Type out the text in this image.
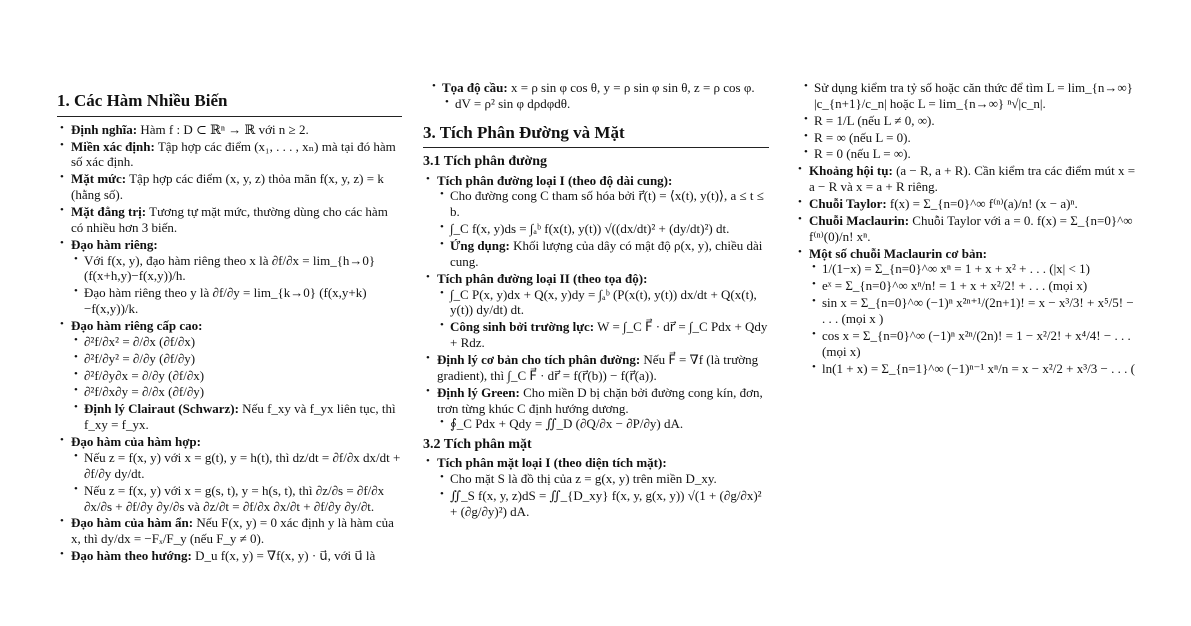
1. Các Hàm Nhiều Biến
• Định nghĩa: Hàm f : D ⊂ ℝⁿ → ℝ với n ≥ 2.
• Miền xác định: Tập hợp các điểm (x₁, . . . , xₙ) mà tại đó hàm số xác định.
• Mặt mức: Tập hợp các điểm (x, y, z) thỏa mãn f(x, y, z) = k (hằng số).
• Mặt đẳng trị: Tương tự mặt mức, thường dùng cho các hàm có nhiều hơn 3 biến.
• Đạo hàm riêng:
• Với f(x, y), đạo hàm riêng theo x là ∂f/∂x = lim_{h→0} (f(x+h,y)−f(x,y))/h.
• Đạo hàm riêng theo y là ∂f/∂y = lim_{k→0} (f(x,y+k)−f(x,y))/k.
• Đạo hàm riêng cấp cao:
• ∂²f/∂x² = ∂/∂x (∂f/∂x)
• ∂²f/∂y² = ∂/∂y (∂f/∂y)
• ∂²f/∂y∂x = ∂/∂y (∂f/∂x)
• ∂²f/∂x∂y = ∂/∂x (∂f/∂y)
• Định lý Clairaut (Schwarz): Nếu f_xy và f_yx liên tục, thì f_xy = f_yx.
• Đạo hàm của hàm hợp:
• Nếu z = f(x, y) với x = g(t), y = h(t), thì dz/dt = ∂f/∂x dx/dt + ∂f/∂y dy/dt.
• Nếu z = f(x, y) với x = g(s, t), y = h(s, t), thì ∂z/∂s = ∂f/∂x ∂x/∂s + ∂f/∂y ∂y/∂s và ∂z/∂t = ∂f/∂x ∂x/∂t + ∂f/∂y ∂y/∂t.
• Đạo hàm của hàm ẩn: Nếu F(x, y) = 0 xác định y là hàm của x, thì dy/dx = −Fₓ/F_y (nếu F_y ≠ 0).
• Đạo hàm theo hướng: D_u f(x, y) = ∇f(x, y) · u⃗, với u⃗ là
• Tọa độ cầu: x = ρ sin φ cos θ, y = ρ sin φ sin θ, z = ρ cos φ.
• dV = ρ² sin φ dρdφdθ.
3. Tích Phân Đường và Mặt
3.1 Tích phân đường
• Tích phân đường loại I (theo độ dài cung):
• Cho đường cong C tham số hóa bởi r⃗(t) = ⟨x(t), y(t)⟩, a ≤ t ≤ b.
• ∫_C f(x, y)ds = ∫ₐᵇ f(x(t), y(t)) √((dx/dt)² + (dy/dt)²) dt.
• Ứng dụng: Khối lượng của dây có mật độ ρ(x, y), chiều dài cung.
• Tích phân đường loại II (theo tọa độ):
• ∫_C P(x, y)dx + Q(x, y)dy = ∫ₐᵇ (P(x(t), y(t)) dx/dt + Q(x(t), y(t)) dy/dt) dt.
• Công sinh bởi trường lực: W = ∫_C F⃗ · dr⃗ = ∫_C Pdx + Qdy + Rdz.
• Định lý cơ bản cho tích phân đường: Nếu F⃗ = ∇f (là trường gradient), thì ∫_C F⃗ · dr⃗ = f(r⃗(b)) − f(r⃗(a)).
• Định lý Green: Cho miền D bị chặn bởi đường cong kín, đơn, trơn từng khúc C định hướng dương.
• ∮_C Pdx + Qdy = ∬_D (∂Q/∂x − ∂P/∂y) dA.
3.2 Tích phân mặt
• Tích phân mặt loại I (theo diện tích mặt):
• Cho mặt S là đồ thị của z = g(x, y) trên miền D_xy.
• ∬_S f(x, y, z)dS = ∬_{D_xy} f(x, y, g(x, y)) √(1 + (∂g/∂x)² + (∂g/∂y)²) dA.
• Sử dụng kiểm tra tỷ số hoặc căn thức để tìm L = lim_{n→∞} |c_{n+1}/c_n| hoặc L = lim_{n→∞} ⁿ√|c_n|.
• R = 1/L (nếu L ≠ 0, ∞).
• R = ∞ (nếu L = 0).
• R = 0 (nếu L = ∞).
• Khoảng hội tụ: (a − R, a + R). Cần kiểm tra các điểm mút x = a − R và x = a + R riêng.
• Chuỗi Taylor: f(x) = Σ_{n=0}^∞ f⁽ⁿ⁾(a)/n! (x − a)ⁿ.
• Chuỗi Maclaurin: Chuỗi Taylor với a = 0. f(x) = Σ_{n=0}^∞ f⁽ⁿ⁾(0)/n! xⁿ.
• Một số chuỗi Maclaurin cơ bản:
• 1/(1−x) = Σ_{n=0}^∞ xⁿ = 1 + x + x² + . . . (|x| < 1)
• eˣ = Σ_{n=0}^∞ xⁿ/n! = 1 + x + x²/2! + . . . (mọi x)
• sin x = Σ_{n=0}^∞ (−1)ⁿ x²ⁿ⁺¹/(2n+1)! = x − x³/3! + x⁵/5! − . . . (mọi x )
• cos x = Σ_{n=0}^∞ (−1)ⁿ x²ⁿ/(2n)! = 1 − x²/2! + x⁴/4! − . . . (mọi x)
• ln(1 + x) = Σ_{n=1}^∞ (−1)ⁿ⁻¹ xⁿ/n = x − x²/2 + x³/3 − . . . (
